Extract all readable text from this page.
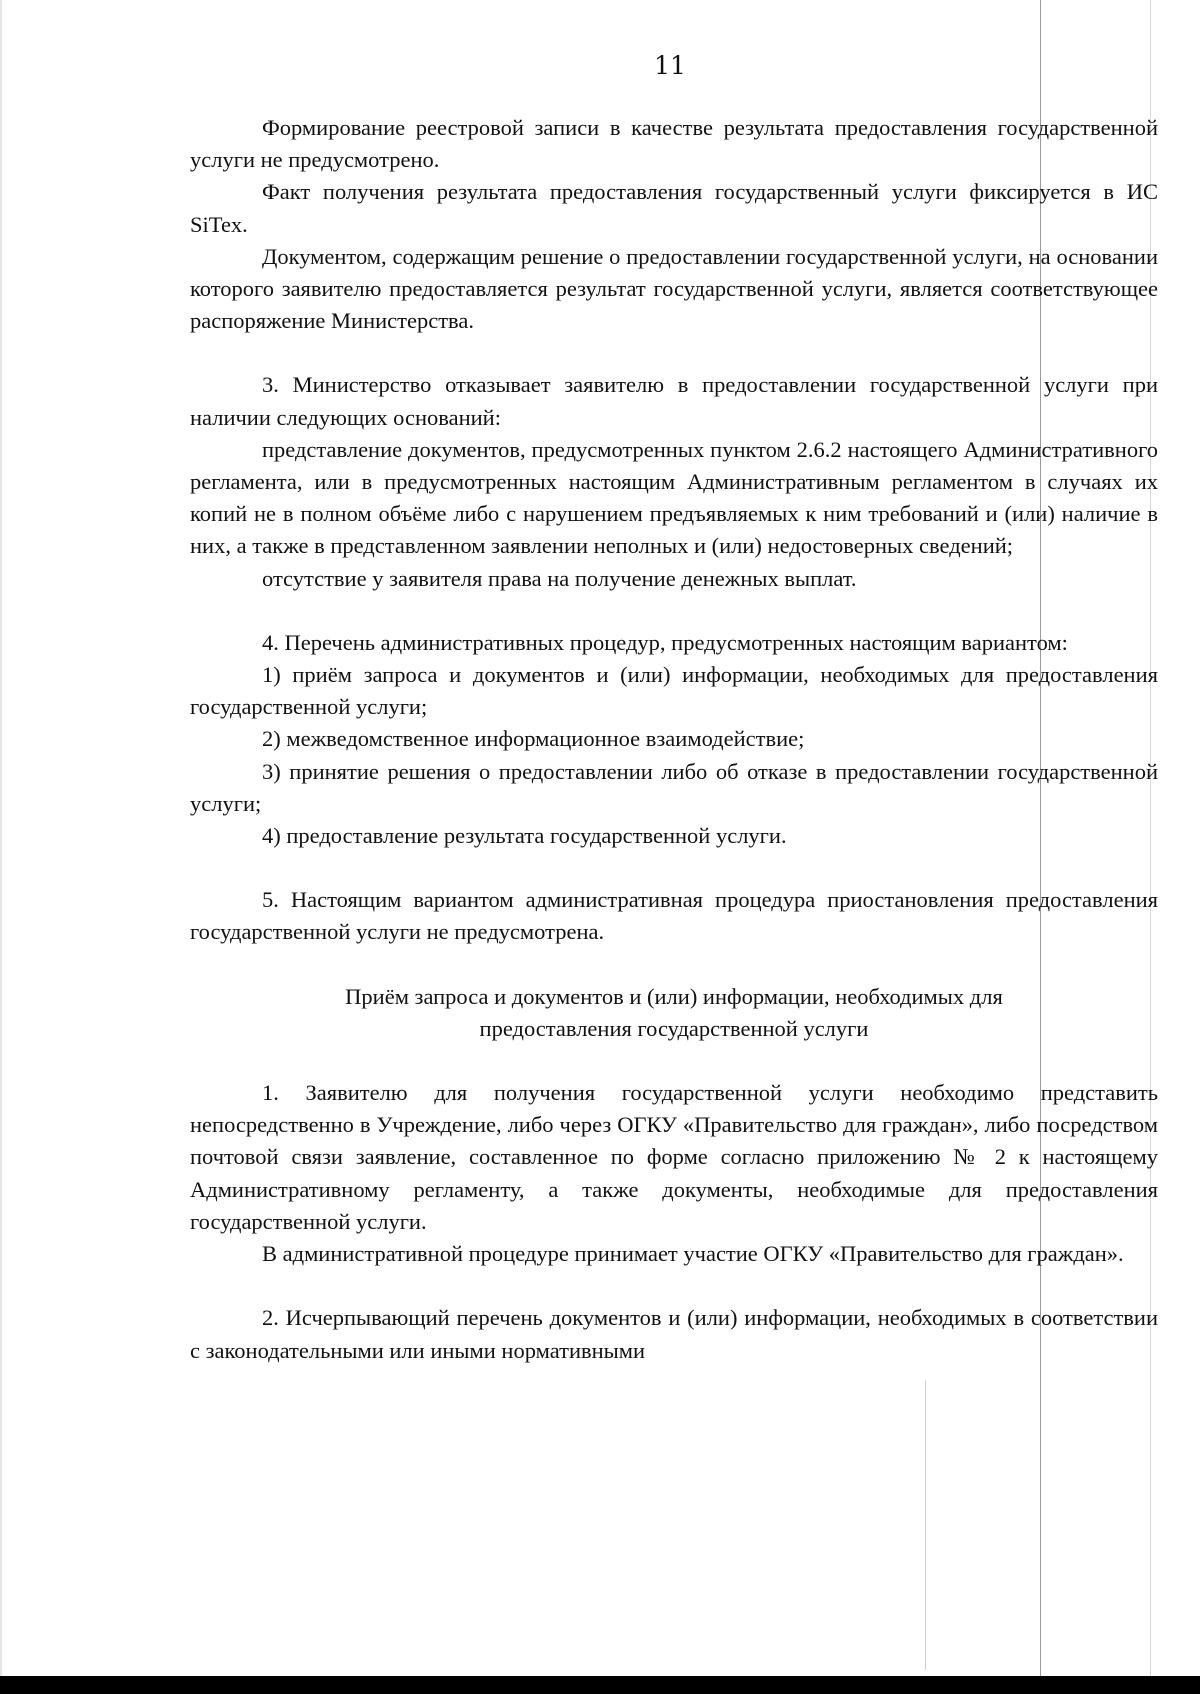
11

Формирование реестровой записи в качестве результата предоставления государственной услуги не предусмотрено.

Факт получения результата предоставления государственный услуги фиксируется в ИС SiTex.

Документом, содержащим решение о предоставлении государственной услуги, на основании которого заявителю предоставляется результат государственной услуги, является соответствующее распоряжение Министерства.

3. Министерство отказывает заявителю в предоставлении государственной услуги при наличии следующих оснований:

представление документов, предусмотренных пунктом 2.6.2 настоящего Административного регламента, или в предусмотренных настоящим Административным регламентом в случаях их копий не в полном объёме либо с нарушением предъявляемых к ним требований и (или) наличие в них, а также в представленном заявлении неполных и (или) недостоверных сведений;

отсутствие у заявителя права на получение денежных выплат.

4. Перечень административных процедур, предусмотренных настоящим вариантом:

1) приём запроса и документов и (или) информации, необходимых для предоставления государственной услуги;

2) межведомственное информационное взаимодействие;

3) принятие решения о предоставлении либо об отказе в предоставлении государственной услуги;

4) предоставление результата государственной услуги.

5. Настоящим вариантом административная процедура приостановления предоставления государственной услуги не предусмотрена.

Приём запроса и документов и (или) информации, необходимых для
предоставления государственной услуги

1. Заявителю для получения государственной услуги необходимо представить непосредственно в Учреждение, либо через ОГКУ «Правительство для граждан», либо посредством почтовой связи заявление, составленное по форме согласно приложению № 2 к настоящему Административному регламенту, а также документы, необходимые для предоставления государственной услуги.

В административной процедуре принимает участие ОГКУ «Правительство для граждан».

2. Исчерпывающий перечень документов и (или) информации, необходимых в соответствии с законодательными или иными нормативными
